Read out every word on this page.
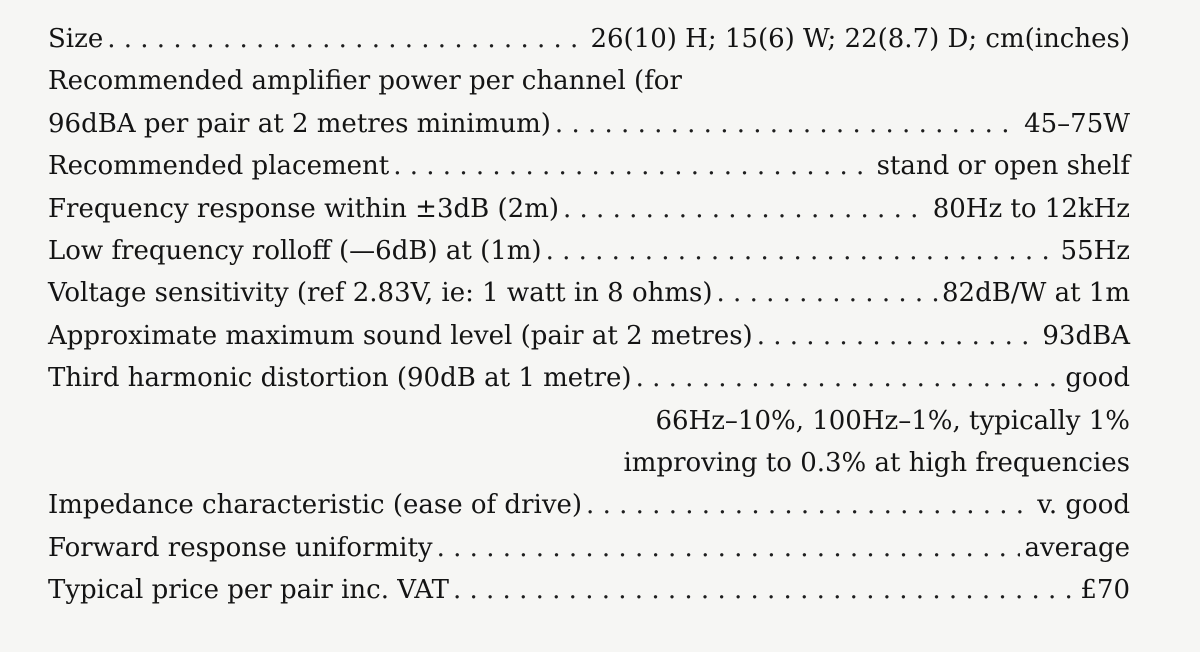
Size . . .	26(10) H; 15(6) W; 22(8.7) D; cm(inches)
Recommended amplifier power per channel (for
96dBA per pair at 2 metres minimum) . . .	45–75W
Recommended placement . . .	stand or open shelf
Frequency response within ±3dB (2m) . . .	80Hz to 12kHz
Low frequency rolloff (—6dB) at (1m) . . .	55Hz
Voltage sensitivity (ref 2.83V, ie: 1 watt in 8 ohms) . . .	82dB/W at 1m
Approximate maximum sound level (pair at 2 metres) . . .	93dBA
Third harmonic distortion (90dB at 1 metre) . . .	good
66Hz–10%, 100Hz–1%, typically 1%
improving to 0.3% at high frequencies
Impedance characteristic (ease of drive) . . .	v. good
Forward response uniformity . . .	average
Typical price per pair inc. VAT . . .	£70
